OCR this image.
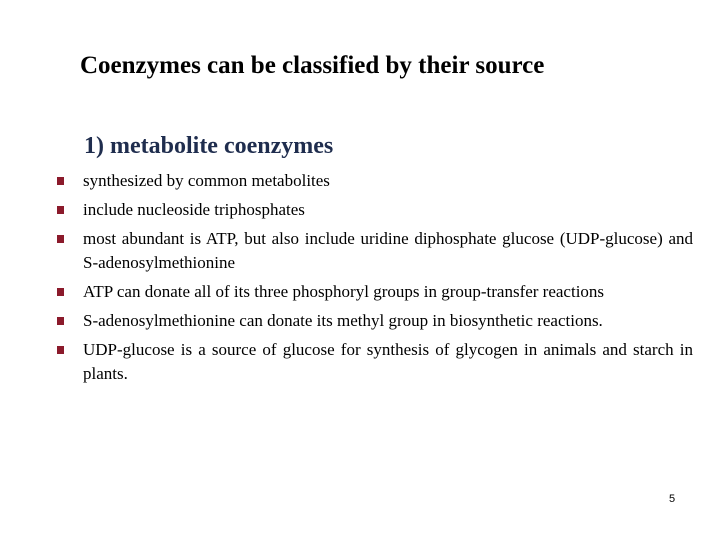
Coenzymes can be classified by their source
1) metabolite coenzymes
synthesized by common metabolites
include nucleoside triphosphates
most abundant is ATP, but also include uridine diphosphate glucose (UDP-glucose) and S-adenosylmethionine
ATP can donate all of its three phosphoryl groups in group-transfer reactions
S-adenosylmethionine can donate its methyl group in biosynthetic reactions.
UDP-glucose is a source of glucose for synthesis of glycogen in animals and starch in plants.
5
